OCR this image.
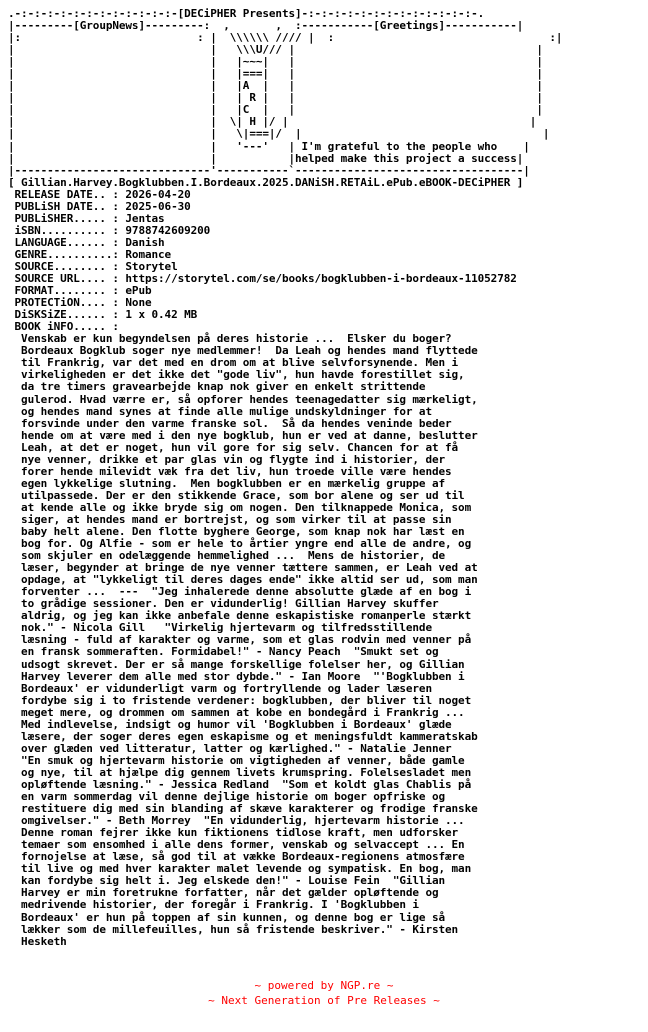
.-:-:-:-:-:-:-:-:-:-:-:-:-[DECiPHER Presents]-:-:-:-:-:-:-:-:-:-:-:-:-:-.
|---------[GroupNews]---------:  ,       ,  :-----------[Greetings]-----------|
|:                           : |  \\\\\\ //// |  :                                 :|
|                              |   \\\U/// |                                     |
|                              |   |~~~|   |                                     |
|                              |   |===|   |                                     |
|                              |   |A  |   |                                     |
|                              |   | R |   |                                     |
|                              |   |C  |   |                                     |
|                              |  \| H |/ |                                     |
|                              |   \|===|/  |                                     |
|                              |   '---'   | I'm grateful to the people who    |
|                              |           |helped make this project a success|
|------------------------------'-----------`-----------------------------------|
[ Gillian.Harvey.Bogklubben.I.Bordeaux.2025.DANiSH.RETAiL.ePub.eBOOK-DECiPHER ]
RELEASE DATE.. : 2026-04-20
PUBLiSH DATE.. : 2025-06-30
PUBLiSHER..... : Jentas
iSBN.......... : 9788742609200
LANGUAGE...... : Danish
GENRE..........: Romance
SOURCE........ : Storytel
SOURCE URL.... : https://storytel.com/se/books/bogklubben-i-bordeaux-11052782
FORMAT........ : ePub
PROTECTiON.... : None
DiSKSiZE...... : 1 x 0.42 MB
BOOK iNFO..... :
Venskab er kun begyndelsen på deres historie ...  Elsker du boger?
Bordeaux Bogklub soger nye medlemmer!  Da Leah og hendes mand flyttede
til Frankrig, var det med en drom om at blive selvforsynende. Men i
virkeligheden er det ikke det "gode liv", hun havde forestillet sig,
da tre timers gravearbejde knap nok giver en enkelt strittende
gulerod. Hvad værre er, så opforer hendes teenagedatter sig mærkeligt,
og hendes mand synes at finde alle mulige undskyldninger for at
forsvinde under den varme franske sol.  Så da hendes veninde beder
hende om at være med i den nye bogklub, hun er ved at danne, beslutter
Leah, at det er noget, hun vil gore for sig selv. Chancen for at få
nye venner, drikke et par glas vin og flygte ind i historier, der
forer hende milevidt væk fra det liv, hun troede ville være hendes
egen lykkelige slutning.  Men bogklubben er en mærkelig gruppe af
utilpassede. Der er den stikkende Grace, som bor alene og ser ud til
at kende alle og ikke bryde sig om nogen. Den tilknappede Monica, som
siger, at hendes mand er bortrejst, og som virker til at passe sin
baby helt alene. Den flotte byghere George, som knap nok har læst en
bog for. Og Alfie - som er hele to årtier yngre end alle de andre, og
som skjuler en odelæggende hemmelighed ...  Mens de historier, de
læser, begynder at bringe de nye venner tættere sammen, er Leah ved at
opdage, at "lykkeligt til deres dages ende" ikke altid ser ud, som man
forventer ...  ---  "Jeg inhalerede denne absolutte glæde af en bog i
to grådige sessioner. Den er vidunderlig! Gillian Harvey skuffer
aldrig, og jeg kan ikke anbefale denne eskapistiske romanperle stærkt
nok." - Nicola Gill   "Virkelig hjertevarm og tilfredsstillende
læsning - fuld af karakter og varme, som et glas rodvin med venner på
en fransk sommeraften. Formidabel!" - Nancy Peach  "Smukt set og
udsogt skrevet. Der er så mange forskellige folelser her, og Gillian
Harvey leverer dem alle med stor dybde." - Ian Moore  "'Bogklubben i
Bordeaux' er vidunderligt varm og fortryllende og lader læseren
fordybe sig i to fristende verdener: bogklubben, der bliver til noget
meget mere, og drommen om sammen at kobe en bondegård i Frankrig ...
Med indlevelse, indsigt og humor vil 'Bogklubben i Bordeaux' glæde
læsere, der soger deres egen eskapisme og et meningsfuldt kammeratskab
over glæden ved litteratur, latter og kærlighed." - Natalie Jenner
"En smuk og hjertevarm historie om vigtigheden af venner, både gamle
og nye, til at hjælpe dig gennem livets krumspring. Folelsesladet men
opløftende læsning." - Jessica Redland  "Som et koldt glas Chablis på
en varm sommerdag vil denne dejlige historie om boger opfriske og
restituere dig med sin blanding af skæve karakterer og frodige franske
omgivelser." - Beth Morrey  "En vidunderlig, hjertevarm historie ...
Denne roman fejrer ikke kun fiktionens tidlose kraft, men udforsker
temaer som ensomhed i alle dens former, venskab og selvaccept ... En
fornojelse at læse, så god til at vække Bordeaux-regionens atmosfære
til live og med hver karakter malet levende og sympatisk. En bog, man
kan fordybe sig helt i. Jeg elskede den!" - Louise Fein  "Gillian
Harvey er min foretrukne forfatter, når det gælder opløftende og
medrivende historier, der foregår i Frankrig. I 'Bogklubben i
Bordeaux' er hun på toppen af sin kunnen, og denne bog er lige så
lækker som de millefeuilles, hun så fristende beskriver." - Kirsten
Hesketh
~ powered by NGP.re ~
~ Next Generation of Pre Releases ~
